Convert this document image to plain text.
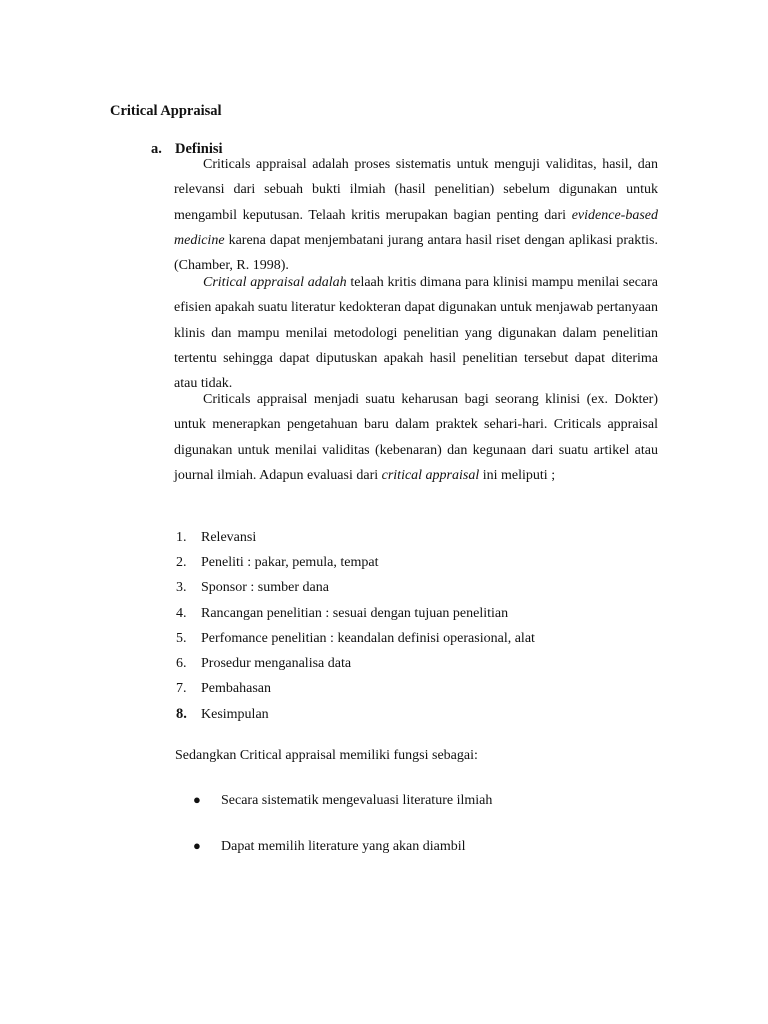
Critical Appraisal
a. Definisi

Criticals appraisal adalah proses sistematis untuk menguji validitas, hasil, dan relevansi dari sebuah bukti ilmiah (hasil penelitian) sebelum digunakan untuk mengambil keputusan. Telaah kritis merupakan bagian penting dari evidence-based medicine karena dapat menjembatani jurang antara hasil riset dengan aplikasi praktis. (Chamber, R. 1998).

Critical appraisal adalah telaah kritis dimana para klinisi mampu menilai secara efisien apakah suatu literatur kedokteran dapat digunakan untuk menjawab pertanyaan klinis dan mampu menilai metodologi penelitian yang digunakan dalam penelitian tertentu sehingga dapat diputuskan apakah hasil penelitian tersebut dapat diterima atau tidak.

Criticals appraisal menjadi suatu keharusan bagi seorang klinisi (ex. Dokter) untuk menerapkan pengetahuan baru dalam praktek sehari-hari. Criticals appraisal digunakan untuk menilai validitas (kebenaran) dan kegunaan dari suatu artikel atau journal ilmiah. Adapun evaluasi dari critical appraisal ini meliputi ;

1. Relevansi
2. Peneliti : pakar, pemula, tempat
3. Sponsor : sumber dana
4. Rancangan penelitian : sesuai dengan tujuan penelitian
5. Perfomance penelitian : keandalan definisi operasional, alat
6. Prosedur menganalisa data
7. Pembahasan
8. Kesimpulan

Sedangkan Critical appraisal memiliki fungsi sebagai:

● Secara sistematik mengevaluasi literature ilmiah
● Dapat memilih literature yang akan diambil
